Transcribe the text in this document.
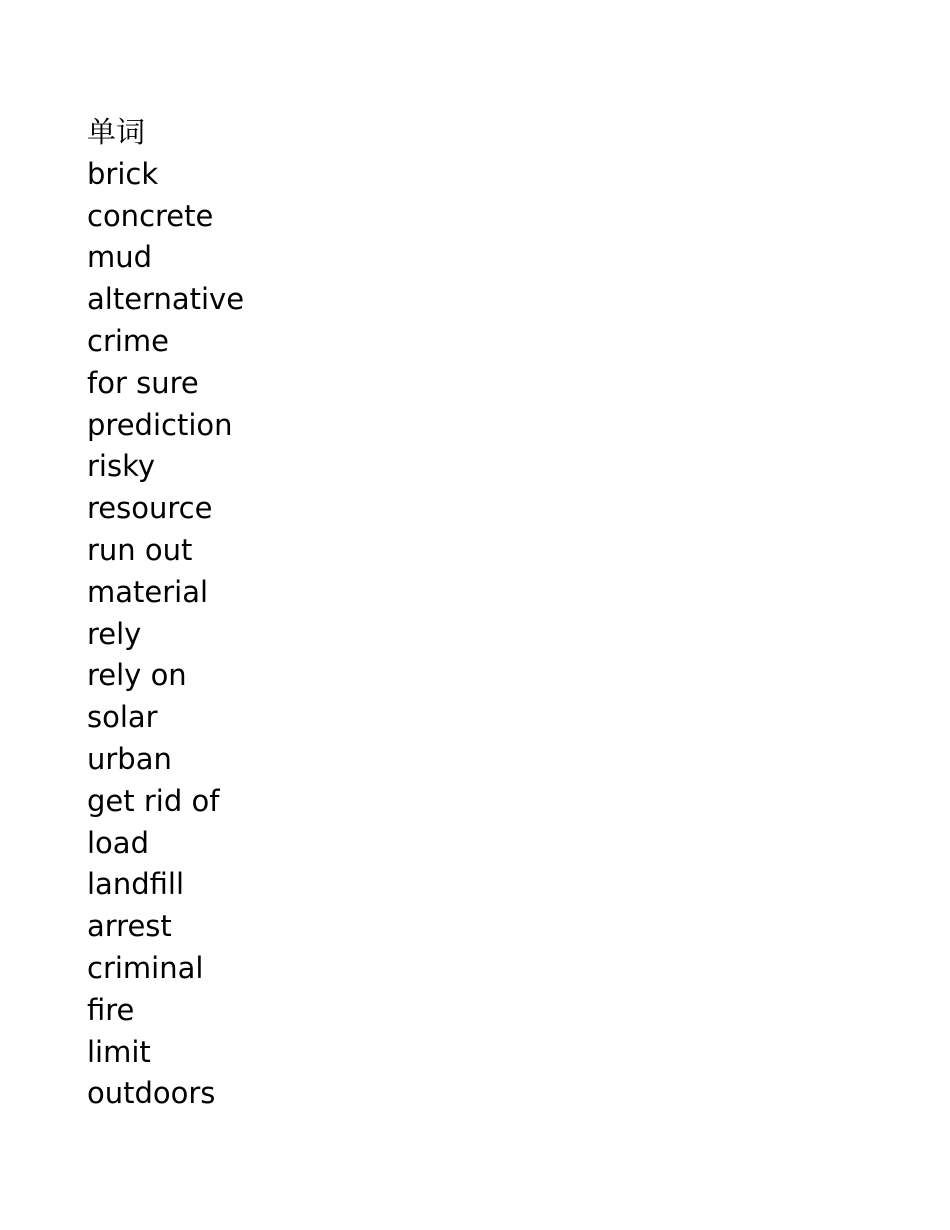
单词
brick
concrete
mud
alternative
crime
for sure
prediction
risky
resource
run out
material
rely
rely on
solar
urban
get rid of
load
landfill
arrest
criminal
fire
limit
outdoors
